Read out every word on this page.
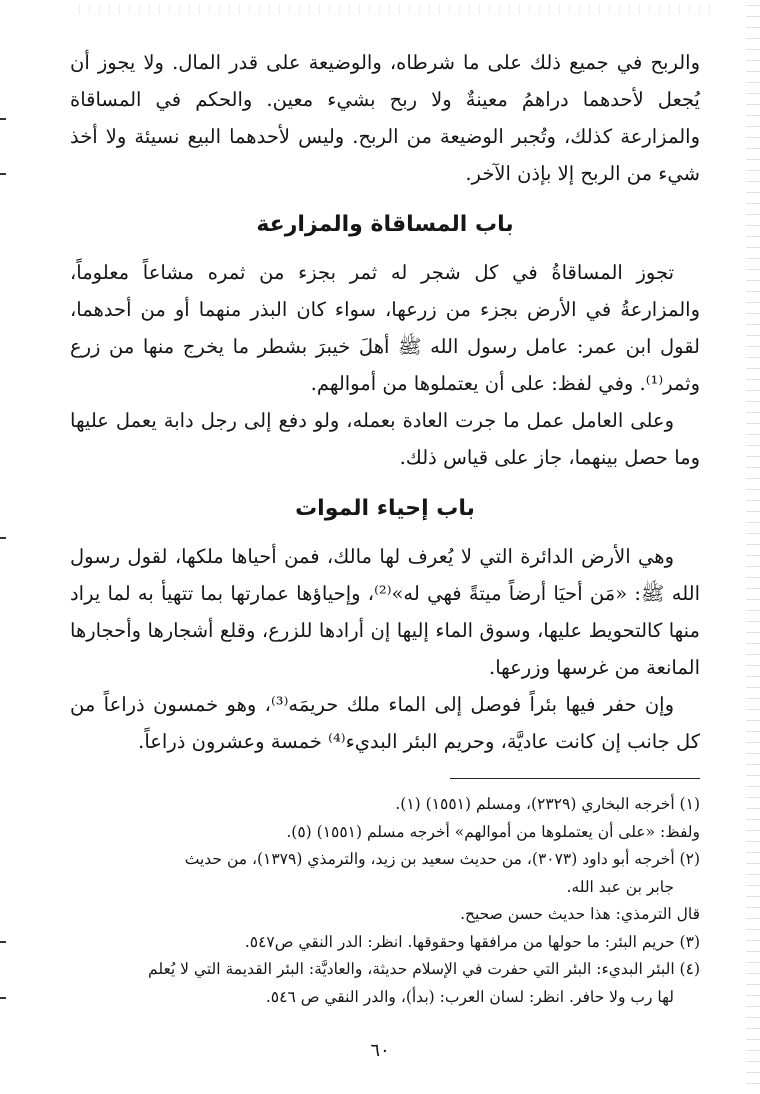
والربح في جميع ذلك على ما شرطاه، والوضيعة على قدر المال. ولا يجوز أن يُجعل لأحدهما دراهمُ معينةٌ ولا ربح بشيء معين. والحكم في المساقاة والمزارعة كذلك، وتُجبر الوضيعة من الربح. وليس لأحدهما البيع نسيئة ولا أخذ شيء من الربح إلا بإذن الآخر.

باب المساقاة والمزارعة

تجوز المساقاةُ في كل شجر له ثمر بجزء من ثمره مشاعاً معلوماً، والمزارعةُ في الأرض بجزء من زرعها، سواء كان البذر منهما أو من أحدهما، لقول ابن عمر: عامل رسول الله ﷺ أهلَ خيبرَ بشطر ما يخرج منها من زرع وثمر⁽¹⁾. وفي لفظ: على أن يعتملوها من أموالهم.

وعلى العامل عمل ما جرت العادة بعمله، ولو دفع إلى رجل دابة يعمل عليها وما حصل بينهما، جاز على قياس ذلك.

باب إحياء الموات

وهي الأرض الدائرة التي لا يُعرف لها مالك، فمن أحياها ملكها، لقول رسول الله ﷺ: «مَن أحيَا أرضاً ميتةً فهي له»⁽²⁾، وإحياؤها عمارتها بما تتهيأ به لما يراد منها كالتحويط عليها، وسوق الماء إليها إن أرادها للزرع، وقلع أشجارها وأحجارها المانعة من غرسها وزرعها.

وإن حفر فيها بئراً فوصل إلى الماء ملك حريمَه⁽³⁾، وهو خمسون ذراعاً من كل جانب إن كانت عاديَّة، وحريم البئر البديء⁽⁴⁾ خمسة وعشرون ذراعاً.

(١) أخرجه البخاري (٢٣٢٩)، ومسلم (١٥٥١) (١).

ولفظ: «على أن يعتملوها من أموالهم» أخرجه مسلم (١٥٥١) (٥).

(٢) أخرجه أبو داود (٣٠٧٣)، من حديث سعيد بن زيد، والترمذي (١٣٧٩)، من حديث

جابر بن عبد الله.

قال الترمذي: هذا حديث حسن صحيح.

(٣) حريم البئر: ما حولها من مرافقها وحقوقها. انظر: الدر النقي ص٥٤٧.

(٤) البئر البديء: البئر التي حفرت في الإسلام حديثة، والعاديَّة: البئر القديمة التي لا يُعلم

لها رب ولا حافر. انظر: لسان العرب: (بدأ)، والدر النقي ص ٥٤٦.

٦٠
